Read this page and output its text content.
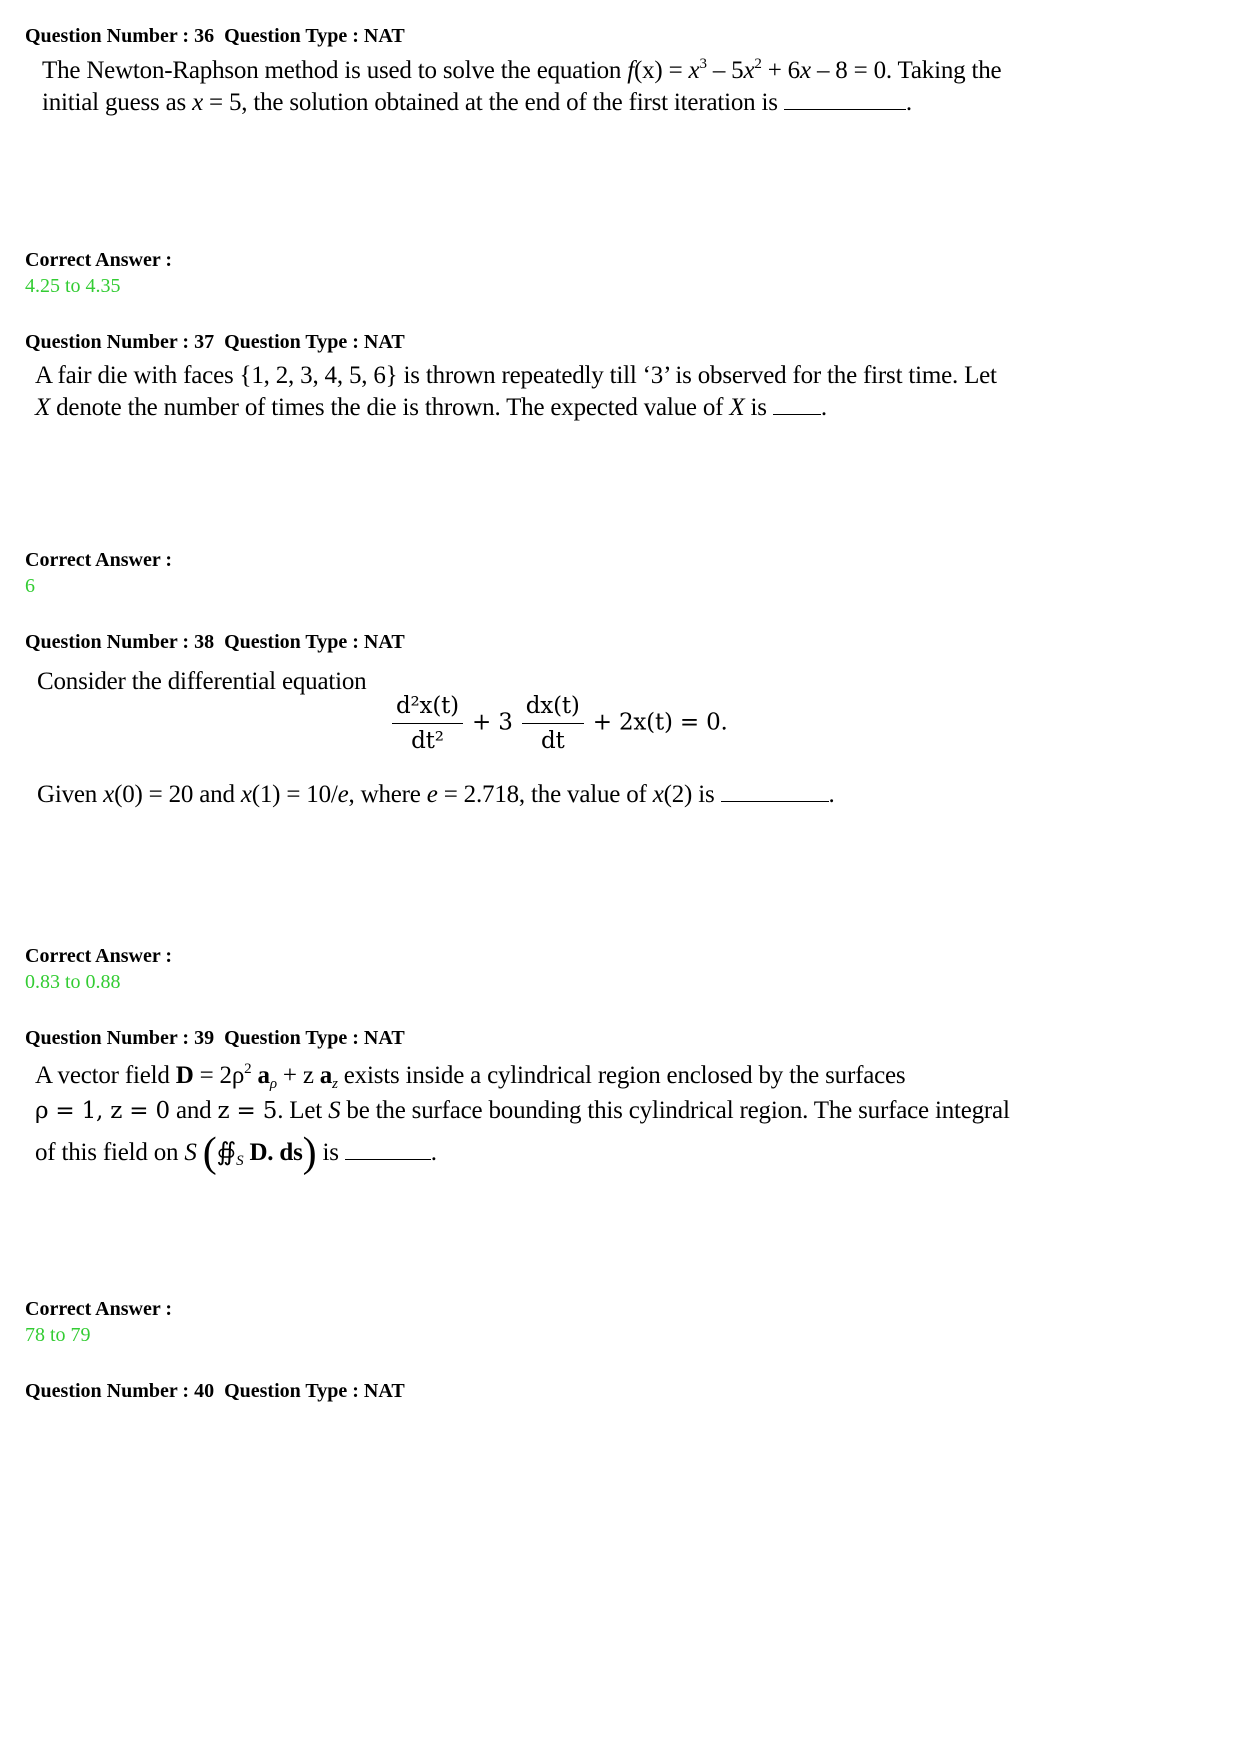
Question Number : 36  Question Type : NAT
The Newton-Raphson method is used to solve the equation $f(x) = x^3 - 5x^2 + 6x - 8 = 0$. Taking the
initial guess as x = 5, the solution obtained at the end of the first iteration is	.
Correct Answer :
4.25 to 4.35
Question Number : 37  Question Type : NAT
A fair die with faces {1, 2, 3, 4, 5, 6} is thrown repeatedly till ‘3’ is observed for the first time. Let
X denote the number of times the die is thrown. The expected value of X is .
Correct Answer :
6
Question Number : 38  Question Type : NAT
Consider the differential equation
$\frac{\text{d²x(t)}}{\text{dt²}} + 3 \frac{dx(t)}{dt} + 2x(t) = 0$.
Given x(0) = 20 and x(1) = 10/e, where e = 2.718, the value of x(2) is	.
Correct Answer :
0.83 to 0.88
Question Number : 39  Question Type : NAT
A vector field $D = 2\rho^2$ $a_\rho + z$ $a_z$ exists inside a cylindrical region enclosed by the surfaces
ρ = 1, z = 0 and z = 5. Let S be the surface bounding this cylindrical region. The surface integral
of this field on S ($∯_S$ D. ds) is	.
Correct Answer :
78 to 79
Question Number : 40  Question Type : NAT
